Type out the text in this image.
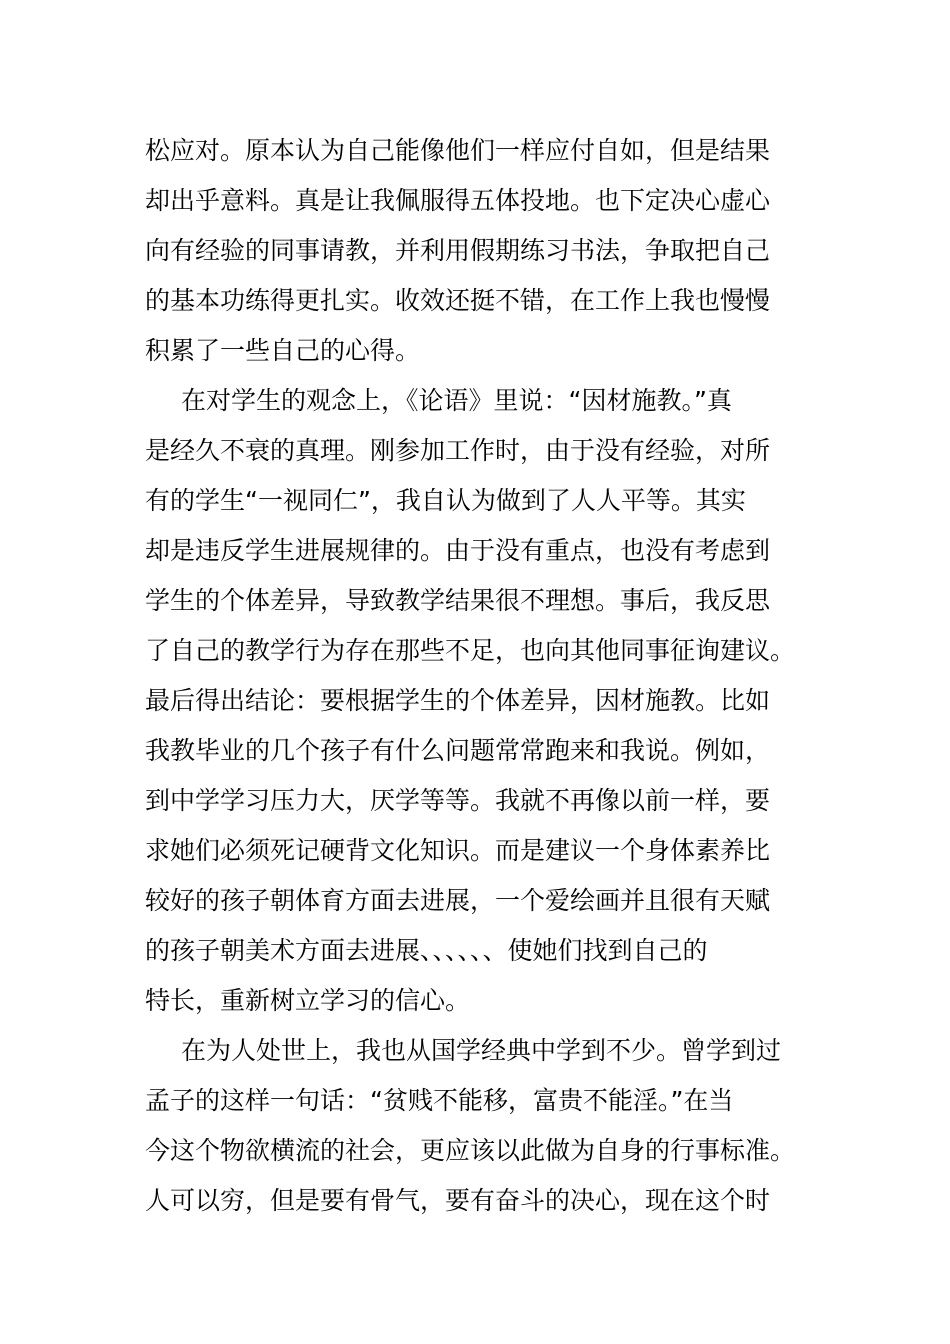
松应对。原本认为自己能像他们一样应付自如，但是结果
却出乎意料。真是让我佩服得五体投地。也下定决心虚心
向有经验的同事请教，并利用假期练习书法，争取把自己
的基本功练得更扎实。收效还挺不错，在工作上我也慢慢
积累了一些自己的心得。
在对学生的观念上，《论语》里说：“因材施教。”真
是经久不衰的真理。刚参加工作时，由于没有经验，对所
有的学生“一视同仁”，我自认为做到了人人平等。其实
却是违反学生进展规律的。由于没有重点，也没有考虑到
学生的个体差异，导致教学结果很不理想。事后，我反思
了自己的教学行为存在那些不足，也向其他同事征询建议。
最后得出结论：要根据学生的个体差异，因材施教。比如
我教毕业的几个孩子有什么问题常常跑来和我说。例如，
到中学学习压力大，厌学等等。我就不再像以前一样，要
求她们必须死记硬背文化知识。而是建议一个身体素养比
较好的孩子朝体育方面去进展，一个爱绘画并且很有天赋
的孩子朝美术方面去进展、、、、、、使她们找到自己的
特长，重新树立学习的信心。
在为人处世上，我也从国学经典中学到不少。曾学到过
孟子的这样一句话：“贫贱不能移，富贵不能淫。”在当
今这个物欲横流的社会，更应该以此做为自身的行事标准。
人可以穷，但是要有骨气，要有奋斗的决心，现在这个时
